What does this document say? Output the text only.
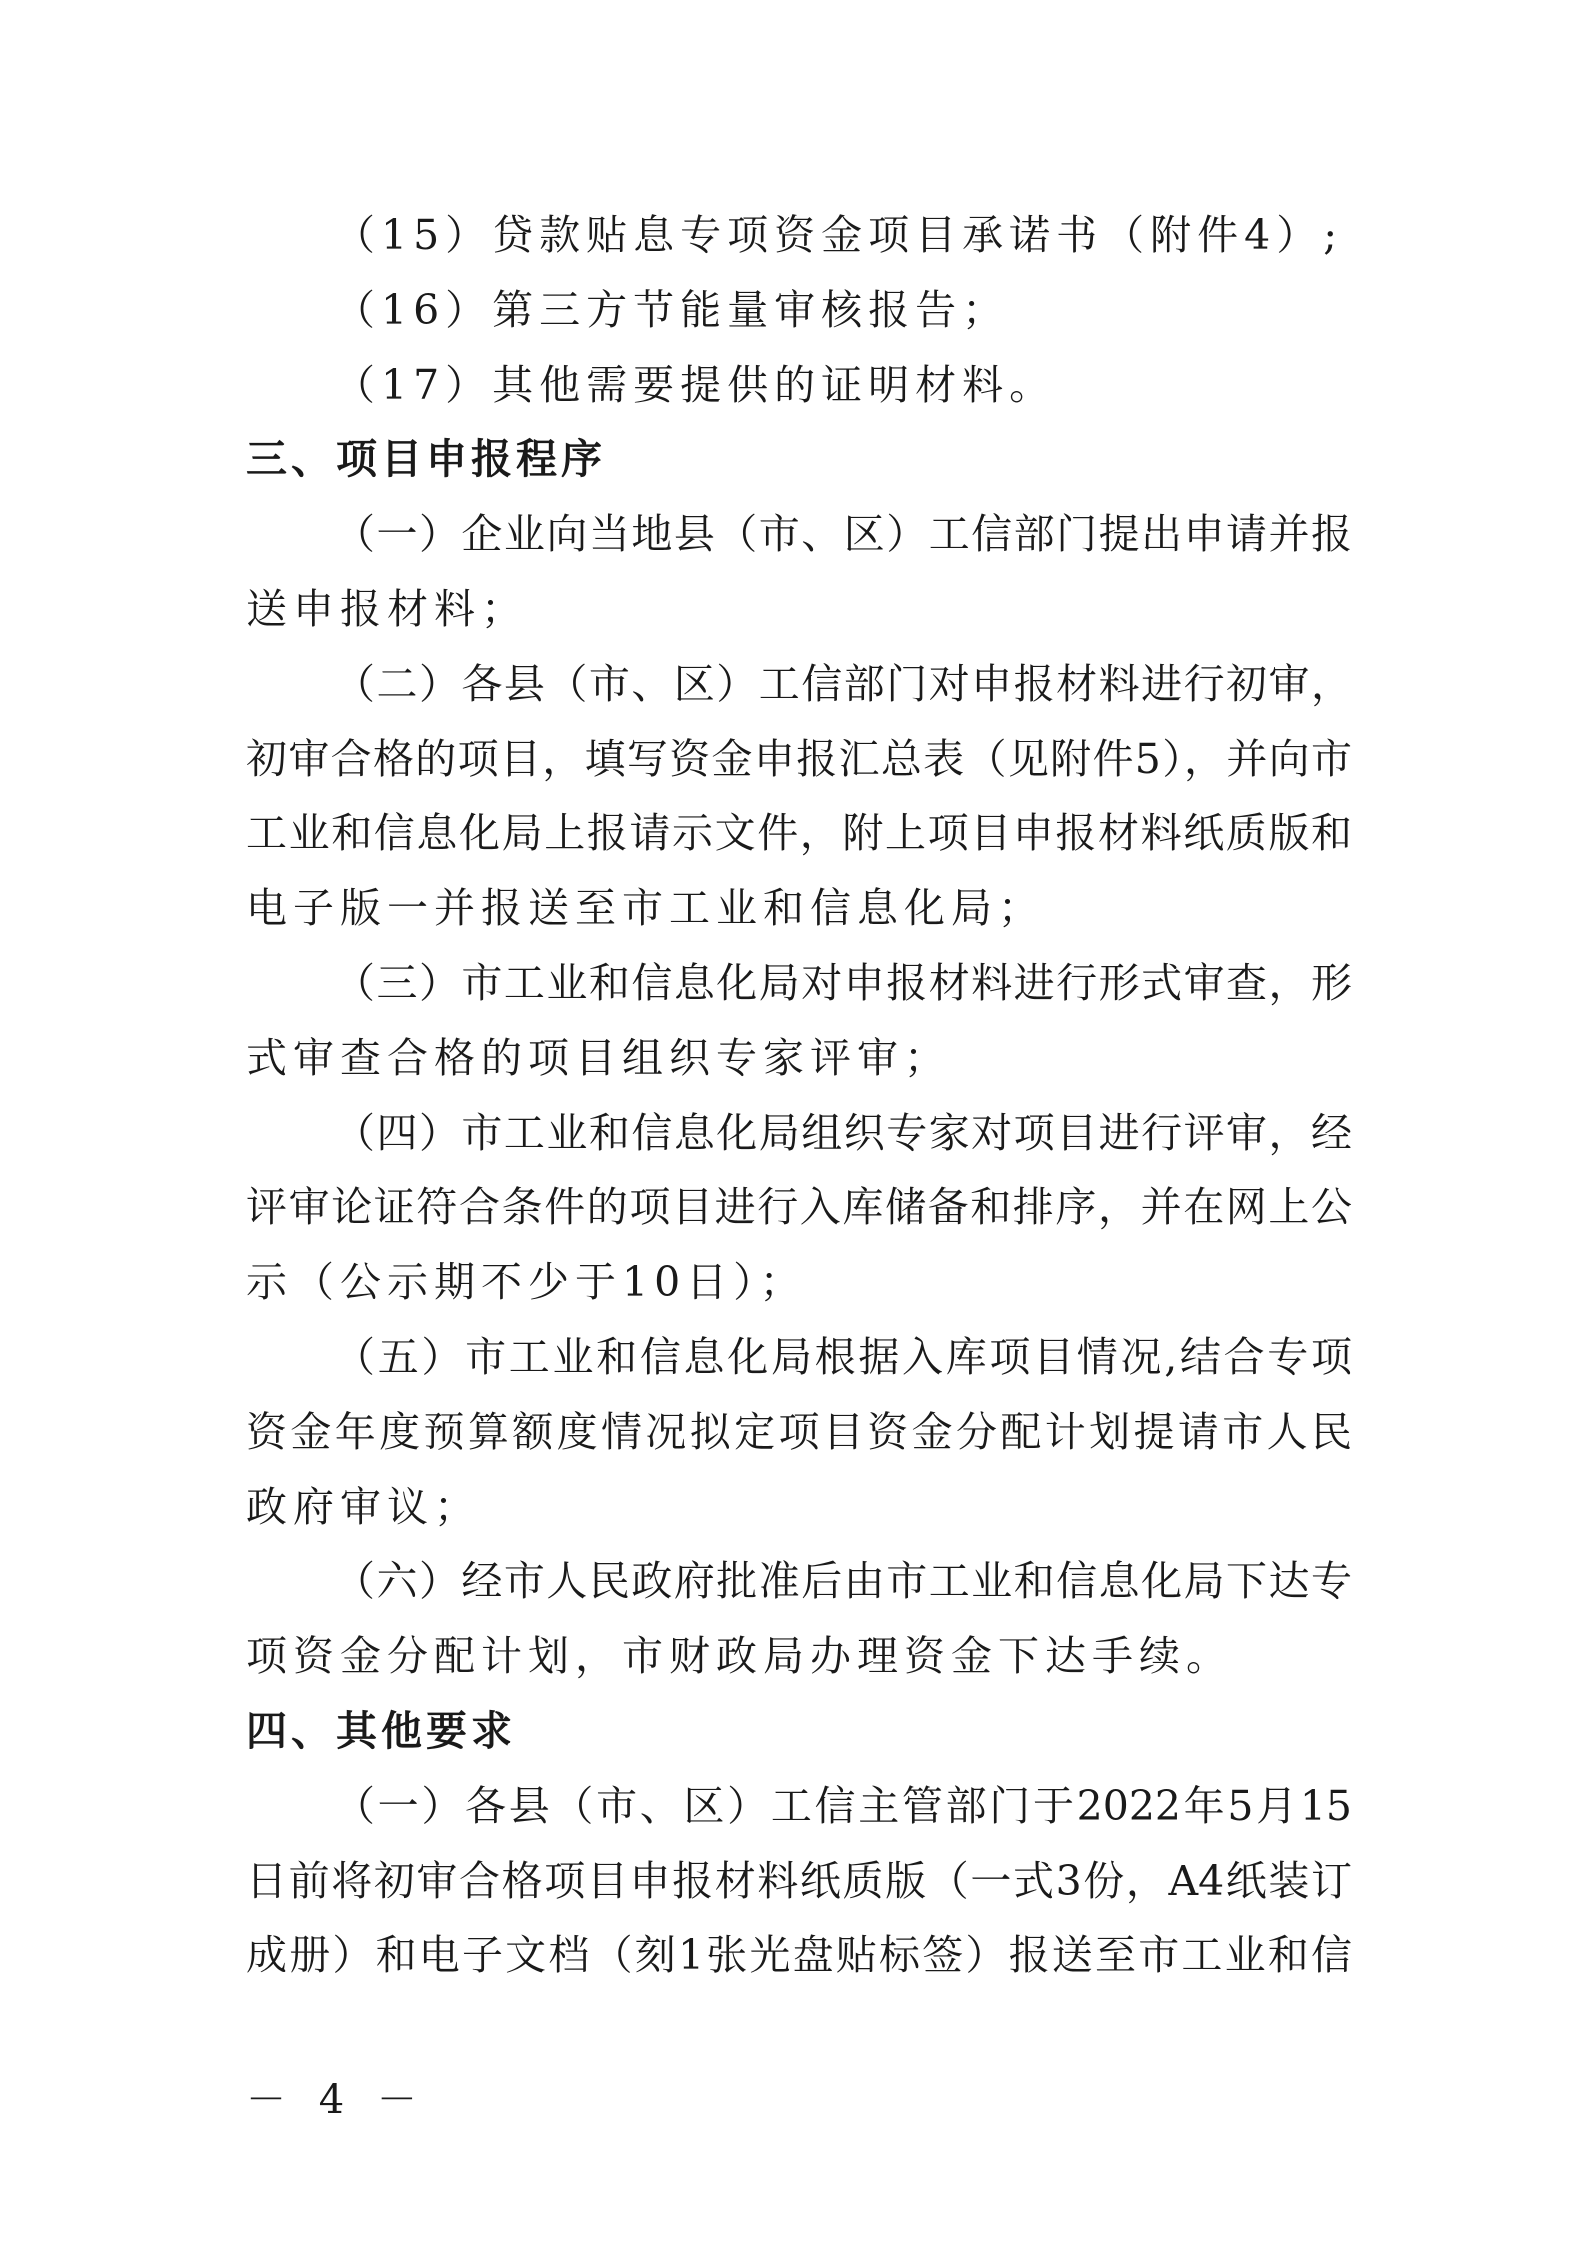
（15）贷款贴息专项资金项目承诺书（附件4）;
（16）第三方节能量审核报告；
（17）其他需要提供的证明材料。
三、项目申报程序
（一）企业向当地县（市、区）工信部门提出申请并报
送申报材料；
（二）各县（市、区）工信部门对申报材料进行初审，
初审合格的项目，填写资金申报汇总表（见附件5），并向市
工业和信息化局上报请示文件，附上项目申报材料纸质版和
电子版一并报送至市工业和信息化局；
（三）市工业和信息化局对申报材料进行形式审查，形
式审查合格的项目组织专家评审；
（四）市工业和信息化局组织专家对项目进行评审，经
评审论证符合条件的项目进行入库储备和排序，并在网上公
示（公示期不少于10日）；
（五）市工业和信息化局根据入库项目情况,结合专项
资金年度预算额度情况拟定项目资金分配计划提请市人民
政府审议；
（六）经市人民政府批准后由市工业和信息化局下达专
项资金分配计划，市财政局办理资金下达手续。
四、其他要求
（一）各县（市、区）工信主管部门于2022年5月15
日前将初审合格项目申报材料纸质版（一式3份，A4纸装订
成册）和电子文档（刻1张光盘贴标签）报送至市工业和信
－ 4 －
